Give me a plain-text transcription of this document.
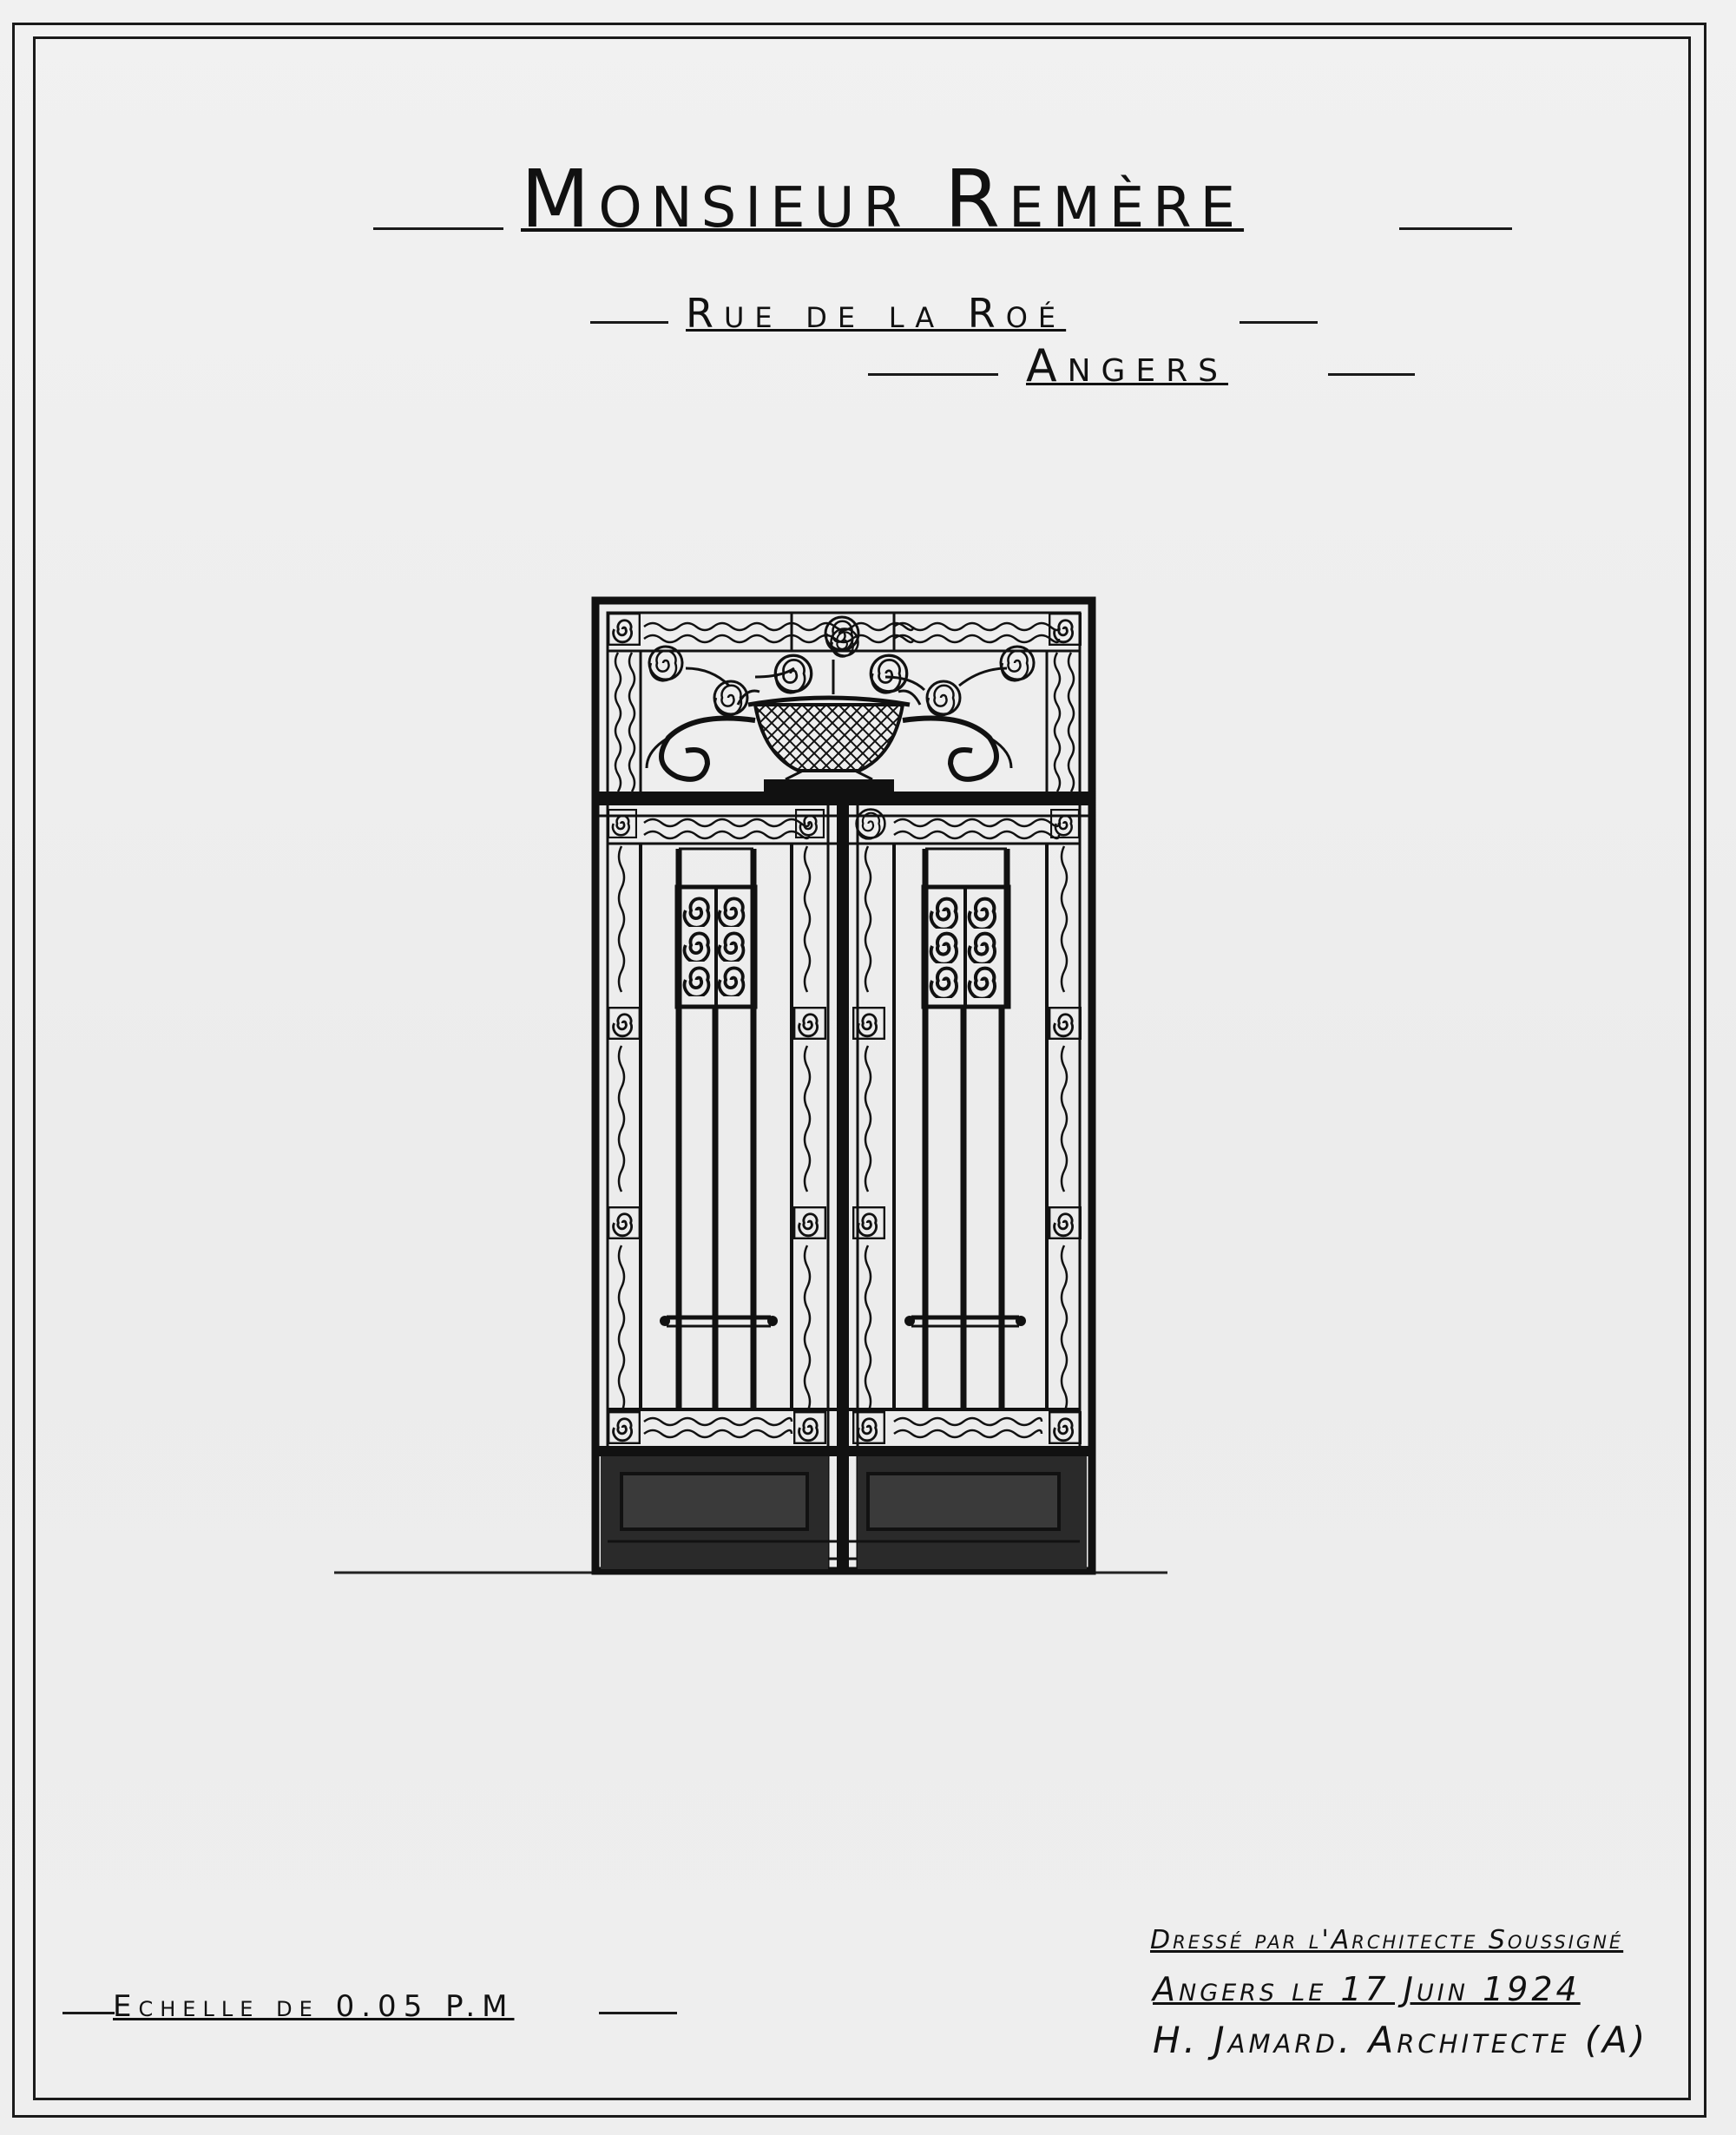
Monsieur Remère
Rue de la Roé
Angers
Echelle de 0.05 P.M
Dressé par l'Architecte Soussigné
Angers le 17 Juin 1924
H. Jamard. Architecte (A)
